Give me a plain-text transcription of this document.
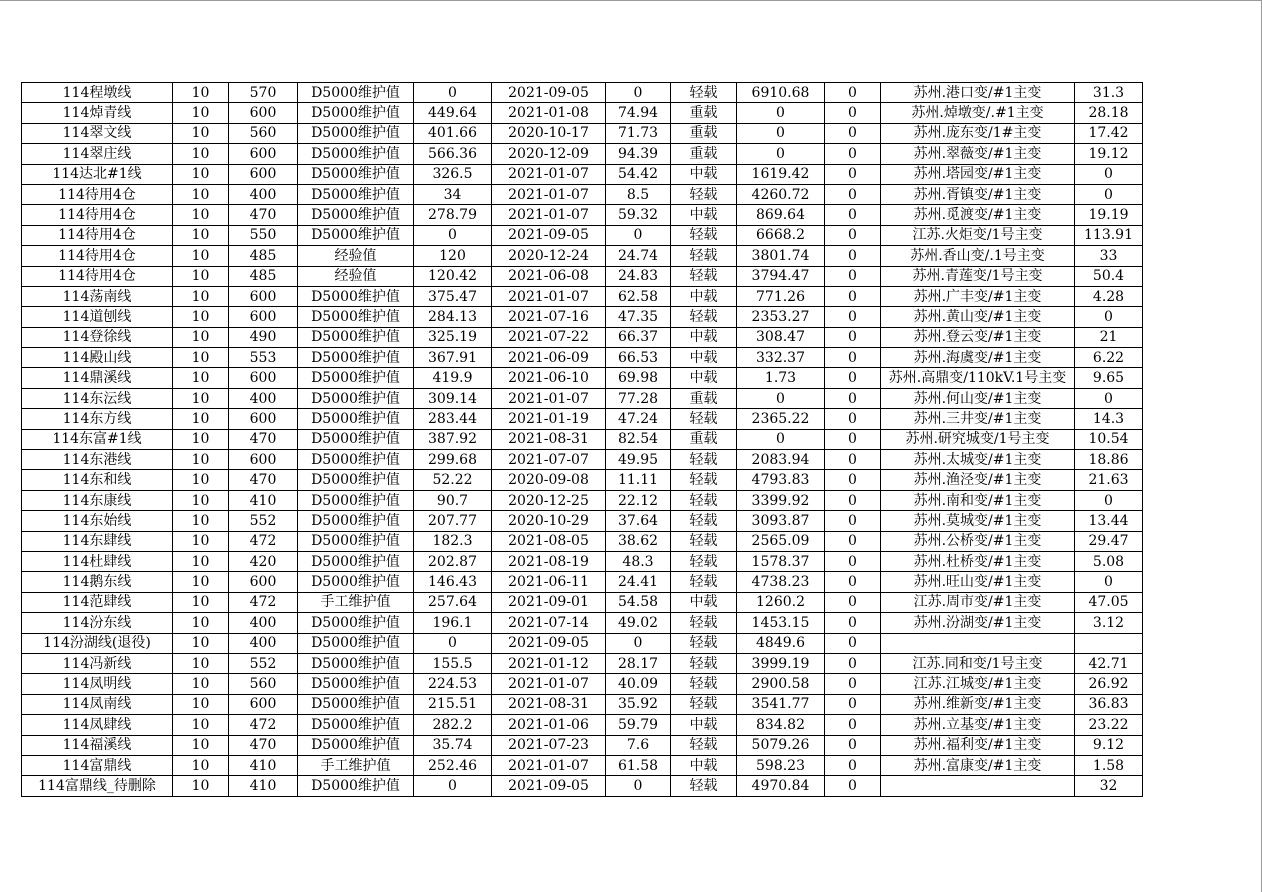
114程墩线	10	570	D5000维护值	0	2021-09-05	0	轻载	6910.68	0	苏州.港口变/#1主变	31.3
114焯青线	10	600	D5000维护值	449.64	2021-01-08	74.94	重载	0	0	苏州.焯墩变/.#1主变	28.18
114翠文线	10	560	D5000维护值	401.66	2020-10-17	71.73	重载	0	0	苏州.庞东变/1#主变	17.42
114翠庄线	10	600	D5000维护值	566.36	2020-12-09	94.39	重载	0	0	苏州.翠薇变/#1主变	19.12
114达北#1线	10	600	D5000维护值	326.5	2021-01-07	54.42	中载	1619.42	0	苏州.塔园变/#1主变	0
114待用4仓	10	400	D5000维护值	34	2021-01-07	8.5	轻载	4260.72	0	苏州.胥镇变/#1主变	0
114待用4仓	10	470	D5000维护值	278.79	2021-01-07	59.32	中载	869.64	0	苏州.觅渡变/#1主变	19.19
114待用4仓	10	550	D5000维护值	0	2021-09-05	0	轻载	6668.2	0	江苏.火炬变/1号主变	113.91
114待用4仓	10	485	经验值	120	2020-12-24	24.74	轻载	3801.74	0	苏州.香山变/.1号主变	33
114待用4仓	10	485	经验值	120.42	2021-06-08	24.83	轻载	3794.47	0	苏州.青莲变/1号主变	50.4
114荡南线	10	600	D5000维护值	375.47	2021-01-07	62.58	中载	771.26	0	苏州.广丰变/#1主变	4.28
114道刨线	10	600	D5000维护值	284.13	2021-07-16	47.35	轻载	2353.27	0	苏州.黄山变/#1主变	0
114登徐线	10	490	D5000维护值	325.19	2021-07-22	66.37	中载	308.47	0	苏州.登云变/#1主变	21
114殿山线	10	553	D5000维护值	367.91	2021-06-09	66.53	中载	332.37	0	苏州.海虞变/#1主变	6.22
114鼎溪线	10	600	D5000维护值	419.9	2021-06-10	69.98	中载	1.73	0	苏州.高鼎变/110kV.1号主变	9.65
114东沄线	10	400	D5000维护值	309.14	2021-01-07	77.28	重载	0	0	苏州.何山变/#1主变	0
114东方线	10	600	D5000维护值	283.44	2021-01-19	47.24	轻载	2365.22	0	苏州.三井变/#1主变	14.3
114东富#1线	10	470	D5000维护值	387.92	2021-08-31	82.54	重载	0	0	苏州.研究城变/1号主变	10.54
114东港线	10	600	D5000维护值	299.68	2021-07-07	49.95	轻载	2083.94	0	苏州.太城变/#1主变	18.86
114东和线	10	470	D5000维护值	52.22	2020-09-08	11.11	轻载	4793.83	0	苏州.渔泾变/#1主变	21.63
114东康线	10	410	D5000维护值	90.7	2020-12-25	22.12	轻载	3399.92	0	苏州.南和变/#1主变	0
114东始线	10	552	D5000维护值	207.77	2020-10-29	37.64	轻载	3093.87	0	苏州.莫城变/#1主变	13.44
114东肆线	10	472	D5000维护值	182.3	2021-08-05	38.62	轻载	2565.09	0	苏州.公桥变/#1主变	29.47
114杜肆线	10	420	D5000维护值	202.87	2021-08-19	48.3	轻载	1578.37	0	苏州.杜桥变/#1主变	5.08
114鹅东线	10	600	D5000维护值	146.43	2021-06-11	24.41	轻载	4738.23	0	苏州.旺山变/#1主变	0
114范肆线	10	472	手工维护值	257.64	2021-09-01	54.58	中载	1260.2	0	江苏.周市变/#1主变	47.05
114汾东线	10	400	D5000维护值	196.1	2021-07-14	49.02	轻载	1453.15	0	苏州.汾湖变/#1主变	3.12
114汾湖线(退役)	10	400	D5000维护值	0	2021-09-05	0	轻载	4849.6	0		
114冯新线	10	552	D5000维护值	155.5	2021-01-12	28.17	轻载	3999.19	0	江苏.同和变/1号主变	42.71
114凤明线	10	560	D5000维护值	224.53	2021-01-07	40.09	轻载	2900.58	0	江苏.江城变/#1主变	26.92
114凤南线	10	600	D5000维护值	215.51	2021-08-31	35.92	轻载	3541.77	0	苏州.维新变/#1主变	36.83
114凤肆线	10	472	D5000维护值	282.2	2021-01-06	59.79	中载	834.82	0	苏州.立基变/#1主变	23.22
114福溪线	10	470	D5000维护值	35.74	2021-07-23	7.6	轻载	5079.26	0	苏州.福利变/#1主变	9.12
114富鼎线	10	410	手工维护值	252.46	2021-01-07	61.58	中载	598.23	0	苏州.富康变/#1主变	1.58
114富鼎线_待删除	10	410	D5000维护值	0	2021-09-05	0	轻载	4970.84	0		32
